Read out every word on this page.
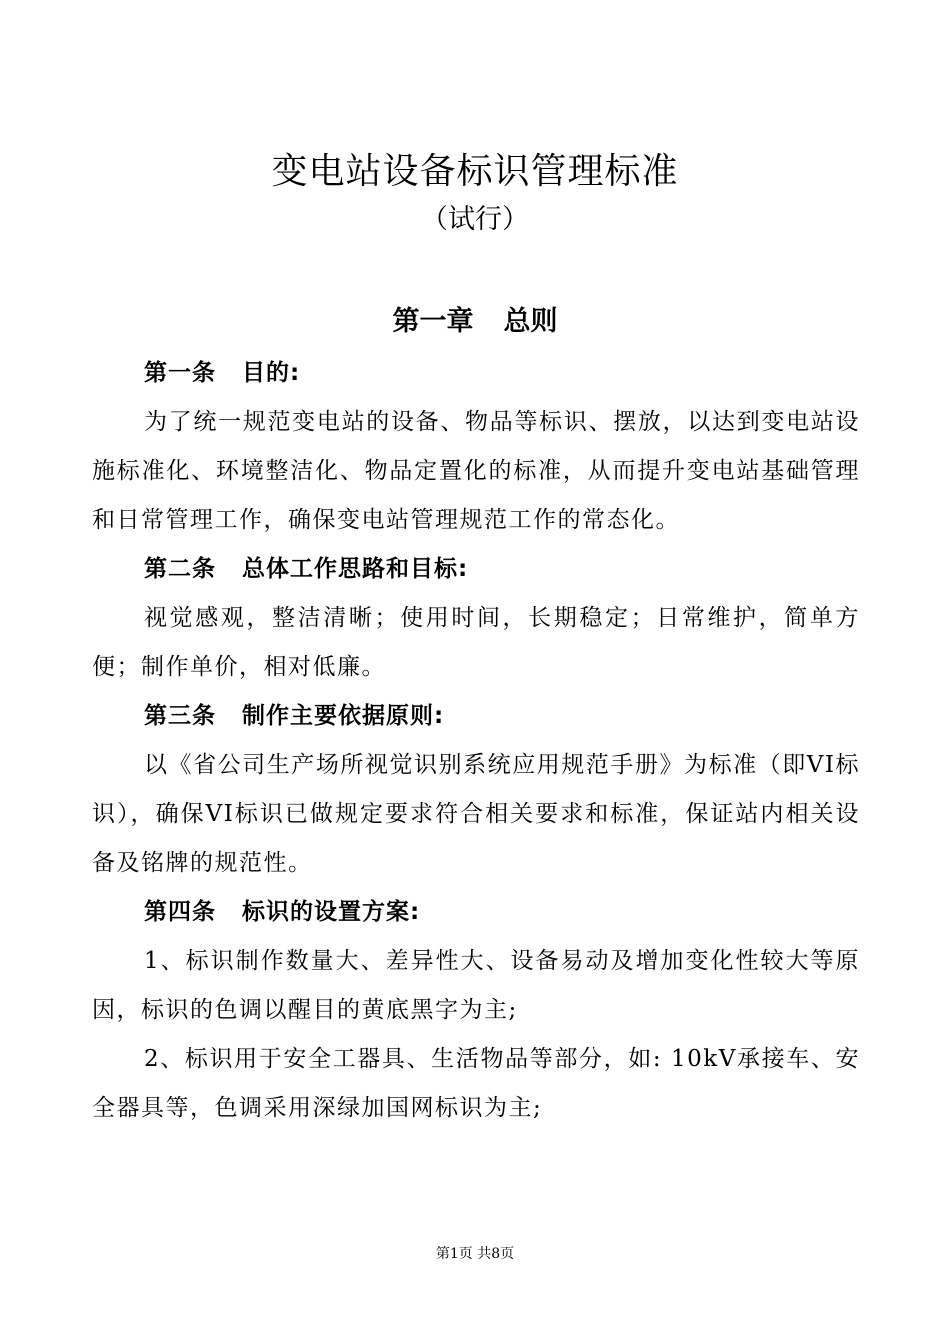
变电站设备标识管理标准
（试行）
第一章 总则

第一条 目的:

为了统一规范变电站的设备、物品等标识、摆放，以达到变电站设施标准化、环境整洁化、物品定置化的标准，从而提升变电站基础管理和日常管理工作，确保变电站管理规范工作的常态化。

第二条 总体工作思路和目标:

视觉感观，整洁清晰；使用时间，长期稳定；日常维护，简单方便；制作单价，相对低廉。

第三条 制作主要依据原则:

以《省公司生产场所视觉识别系统应用规范手册》为标准（即VI标识），确保VI标识已做规定要求符合相关要求和标准，保证站内相关设备及铭牌的规范性。

第四条 标识的设置方案:

1、标识制作数量大、差异性大、设备易动及增加变化性较大等原因，标识的色调以醒目的黄底黑字为主;

2、标识用于安全工器具、生活物品等部分，如: 10kV承接车、安全器具等，色调采用深绿加国网标识为主;

第1页 共8页
